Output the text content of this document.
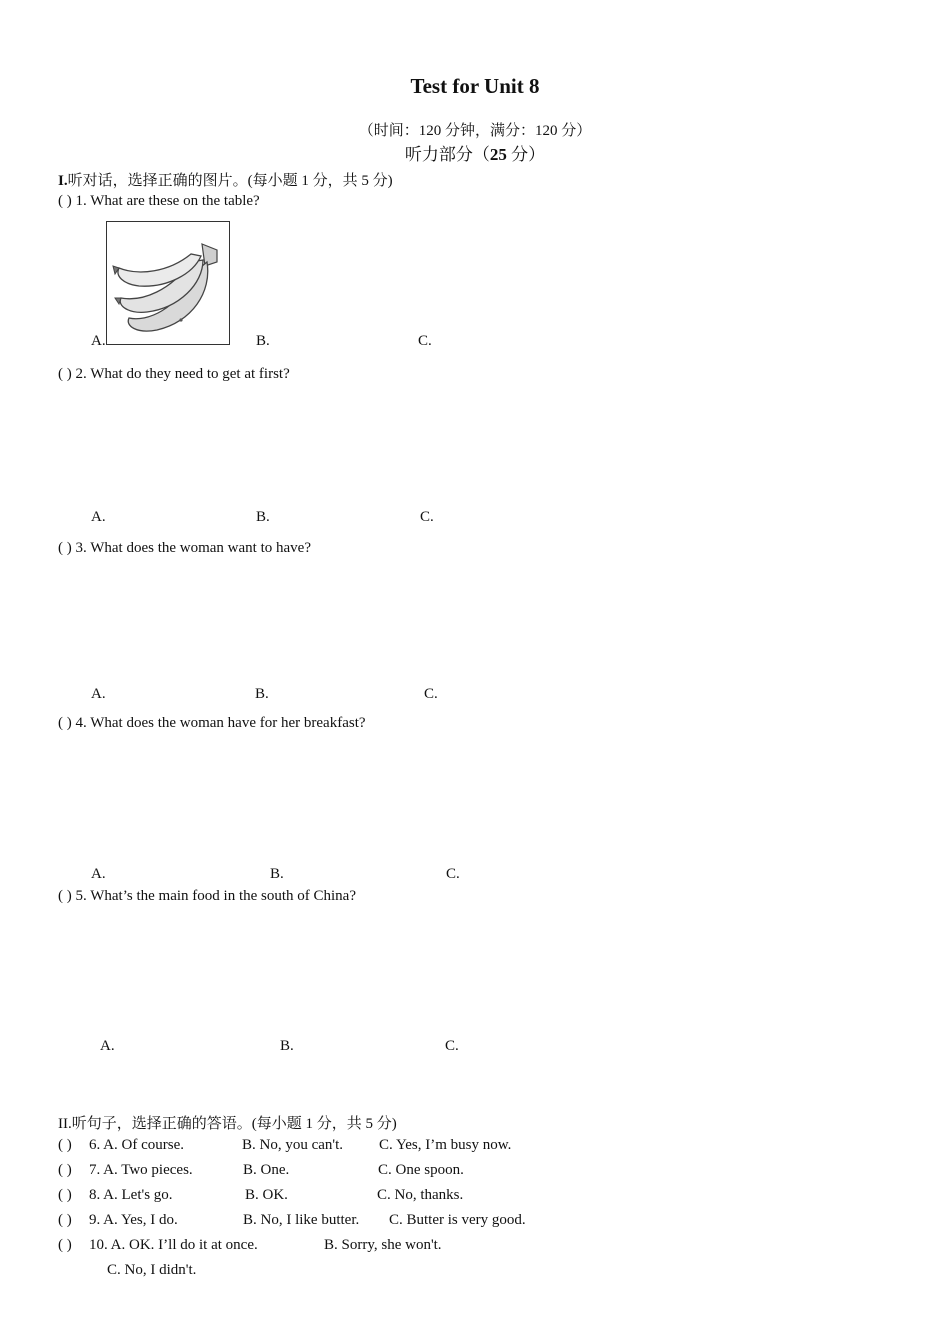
󰀠
Test for Unit 8
（时间：120 分钟，满分：120 分）
听力部分（25 分）
I.听对话，选择正确的图片。(每小题 1 分，共 5 分)
( ) 1. What are these on the table?
A.	B.	C.
( ) 2. What do they need to get at first?
A.	B.	C.
( ) 3. What does the woman want to have?
A.	B.	C.
( ) 4. What does the woman have for her breakfast?
A.	B.	C.
( ) 5. What’s the main food in the south of China?
A.	B.	C.
II.听句子，选择正确的答语。(每小题 1 分，共 5 分)
( ) 6. A. Of course.	B. No, you can't. C. Yes, I’m busy now.
( ) 7. A. Two pieces.	B. One.	C. One spoon.
( ) 8. A. Let's go.	B. OK.	C. No, thanks.
( ) 9. A. Yes, I do.	B. No, I like butter. C. Butter is very good.
( ) 10. A. OK. I’ll do it at once.	B. Sorry, she won't.
C. No, I didn't.
